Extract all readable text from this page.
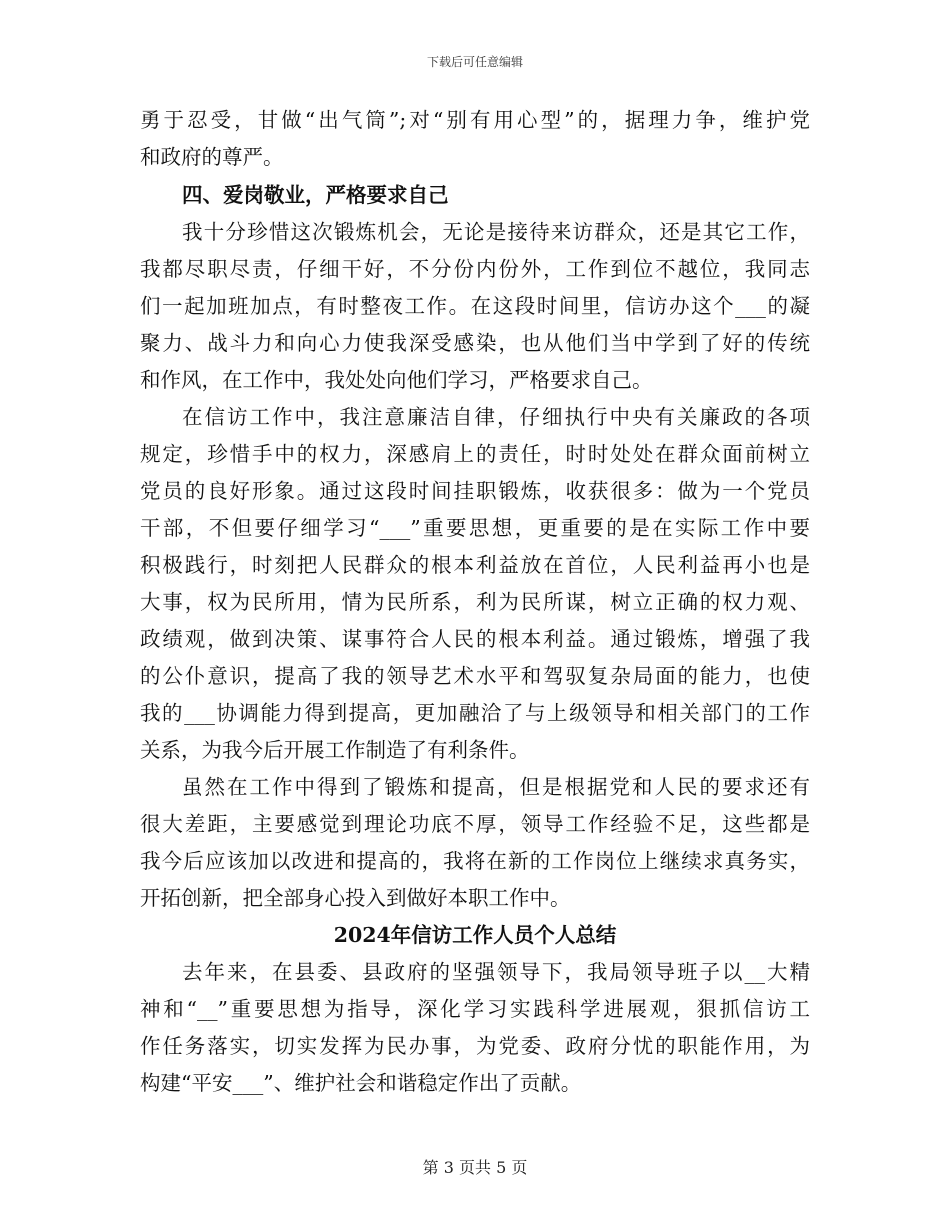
下载后可任意编辑
勇于忍受，甘做“出气筒”;对“别有用心型”的，据理力争，维护党
和政府的尊严。
四、爱岗敬业，严格要求自己
我十分珍惜这次锻炼机会，无论是接待来访群众，还是其它工作，
我都尽职尽责，仔细干好，不分份内份外，工作到位不越位，我同志
们一起加班加点，有时整夜工作。在这段时间里，信访办这个___的凝
聚力、战斗力和向心力使我深受感染，也从他们当中学到了好的传统
和作风，在工作中，我处处向他们学习，严格要求自己。
在信访工作中，我注意廉洁自律，仔细执行中央有关廉政的各项
规定，珍惜手中的权力，深感肩上的责任，时时处处在群众面前树立
党员的良好形象。通过这段时间挂职锻炼，收获很多：做为一个党员
干部，不但要仔细学习“___”重要思想，更重要的是在实际工作中要
积极践行，时刻把人民群众的根本利益放在首位，人民利益再小也是
大事，权为民所用，情为民所系，利为民所谋，树立正确的权力观、
政绩观，做到决策、谋事符合人民的根本利益。通过锻炼，增强了我
的公仆意识，提高了我的领导艺术水平和驾驭复杂局面的能力，也使
我的___协调能力得到提高，更加融洽了与上级领导和相关部门的工作
关系，为我今后开展工作制造了有利条件。
虽然在工作中得到了锻炼和提高，但是根据党和人民的要求还有
很大差距，主要感觉到理论功底不厚，领导工作经验不足，这些都是
我今后应该加以改进和提高的，我将在新的工作岗位上继续求真务实，
开拓创新，把全部身心投入到做好本职工作中。
2024年信访工作人员个人总结
去年来，在县委、县政府的坚强领导下，我局领导班子以__大精
神和“__”重要思想为指导，深化学习实践科学进展观，狠抓信访工
作任务落实，切实发挥为民办事，为党委、政府分忧的职能作用，为
构建“平安___”、维护社会和谐稳定作出了贡献。
第 3 页共 5 页
